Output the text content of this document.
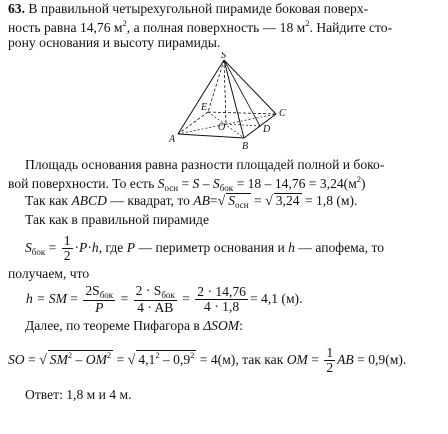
63. В правильной четырехугольной пирамиде боковая поверх-
ность равна 14,76 $м^2$, а полная поверхность — 18 $м^2$. Найдите сто-
рону основания и высоту пирамиды.
S
A
B
C
D
O
E
Площадь основания равна разности площадей полной и боко-
вой поверхности. То есть $S_{осн} = S - S_{бок} = 18 - 14,76 = 3,24(м^2)$
Так как ABCD — квадрат, то AB=√ $S_{осн}$ = √ 3,24 = 1,8 (м).
Так как в правильной пирамиде
$S_{бок} = \frac{1}{2} \cdot P\cdot h$, где P — периметр основания и h — апофема, то
получаем, что
h = SM = $\frac{2S_{бок}}{P} = \frac{2 \cdot S_{бок}}{4 \cdot AB} = \frac{2 \cdot 14,76}{4 \cdot 1,8} = 4,1$ (м).
Далее, по теореме Пифагора в ΔSOM:
SO = √ $SM^2 - OM^2$ = √ $4,1^2 - 0,9^2 = 4(м)$, так как OM = $\frac{1}{2}$ AB = 0,9(м).
Ответ: 1,8 м и 4 м.
